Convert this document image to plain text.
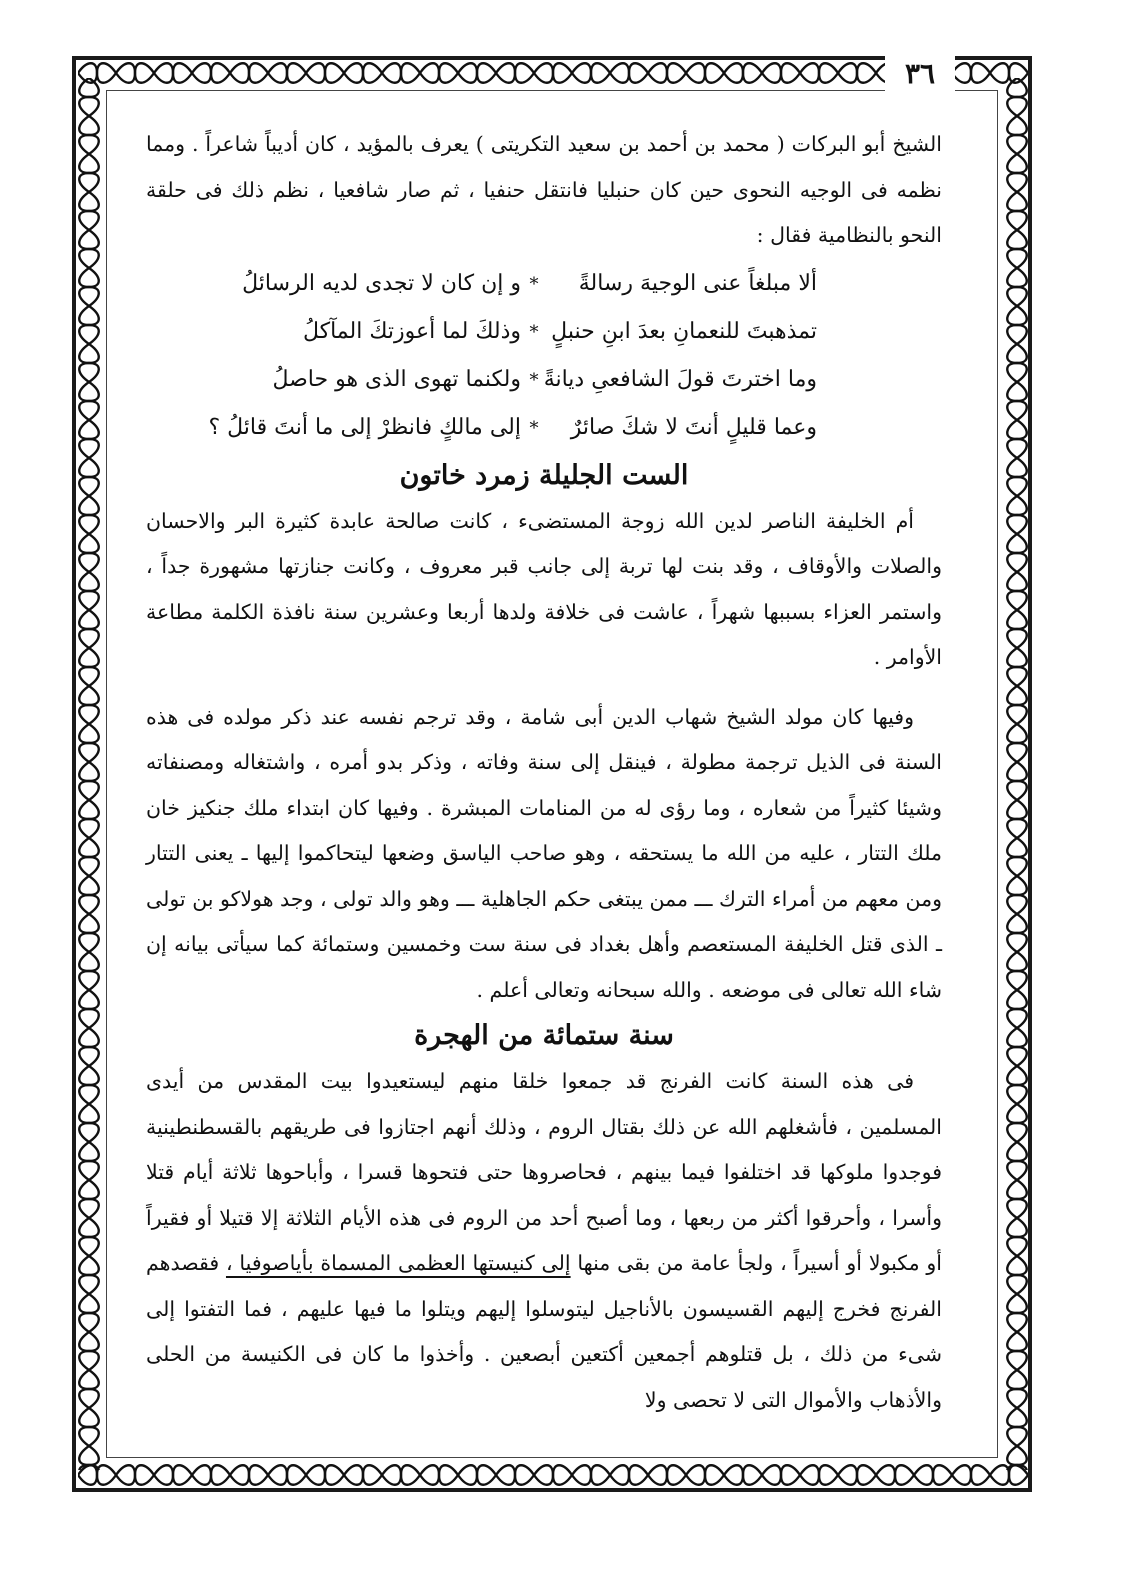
٣٦

الشيخ أبو البركات ( محمد بن أحمد بن سعيد التكريتى ) يعرف بالمؤيد ، كان أديباً شاعراً . ومما نظمه فى الوجيه النحوى حين كان حنبليا فانتقل حنفيا ، ثم صار شافعيا ، نظم ذلك فى حلقة النحو بالنظامية فقال :

ألا مبلغاً عنى الوجيهَ رسالةً
*
و إن كان لا تجدى لديه الرسائلُ
تمذهبتَ للنعمانِ بعدَ ابنِ حنبلٍ
*
وذلكَ لما أعوزتكَ المآكلُ
وما اخترتَ قولَ الشافعىِ ديانةً
*
ولكنما تهوى الذى هو حاصلُ
وعما قليلٍ أنتَ لا شكَ صائرٌ
*
إلى مالكٍ فانظرْ إلى ما أنتَ قائلُ ؟
الست الجليلة زمرد خاتون

أم الخليفة الناصر لدين الله زوجة المستضىء ، كانت صالحة عابدة كثيرة البر والاحسان والصلات والأوقاف ، وقد بنت لها تربة إلى جانب قبر معروف ، وكانت جنازتها مشهورة جداً ، واستمر العزاء بسببها شهراً ، عاشت فى خلافة ولدها أربعا وعشرين سنة نافذة الكلمة مطاعة الأوامر .

وفيها كان مولد الشيخ شهاب الدين أبى شامة ، وقد ترجم نفسه عند ذكر مولده فى هذه السنة فى الذيل ترجمة مطولة ، فينقل إلى سنة وفاته ، وذكر بدو أمره ، واشتغاله ومصنفاته وشيئا كثيراً من شعاره ، وما رؤى له من المنامات المبشرة . وفيها كان ابتداء ملك جنكيز خان ملك التتار ، عليه من الله ما يستحقه ، وهو صاحب الياسق وضعها ليتحاكموا إليها ـ يعنى التتار ومن معهم من أمراء الترك ـــ ممن يبتغى حكم الجاهلية ـــ وهو والد تولى ، وجد هولاكو بن تولى ـ الذى قتل الخليفة المستعصم وأهل بغداد فى سنة ست وخمسين وستمائة كما سيأتى بيانه إن شاء الله تعالى فى موضعه . والله سبحانه وتعالى أعلم .

سنة ستمائة من الهجرة

فى هذه السنة كانت الفرنج قد جمعوا خلقا منهم ليستعيدوا بيت المقدس من أيدى المسلمين ، فأشغلهم الله عن ذلك بقتال الروم ، وذلك أنهم اجتازوا فى طريقهم بالقسطنطينية فوجدوا ملوكها قد اختلفوا فيما بينهم ، فحاصروها حتى فتحوها قسرا ، وأباحوها ثلاثة أيام قتلا وأسرا ، وأحرقوا أكثر من ربعها ، وما أصبح أحد من الروم فى هذه الأيام الثلاثة إلا قتيلا أو فقيراً أو مكبولا أو أسيراً ، ولجأ عامة من بقى منها إلى كنيستها العظمى المسماة بأياصوفيا ، فقصدهم الفرنج فخرج إليهم القسيسون بالأناجيل ليتوسلوا إليهم ويتلوا ما فيها عليهم ، فما التفتوا إلى شىء من ذلك ، بل قتلوهم أجمعين أكتعين أبصعين . وأخذوا ما كان فى الكنيسة من الحلى والأذهاب والأموال التى لا تحصى ولا
